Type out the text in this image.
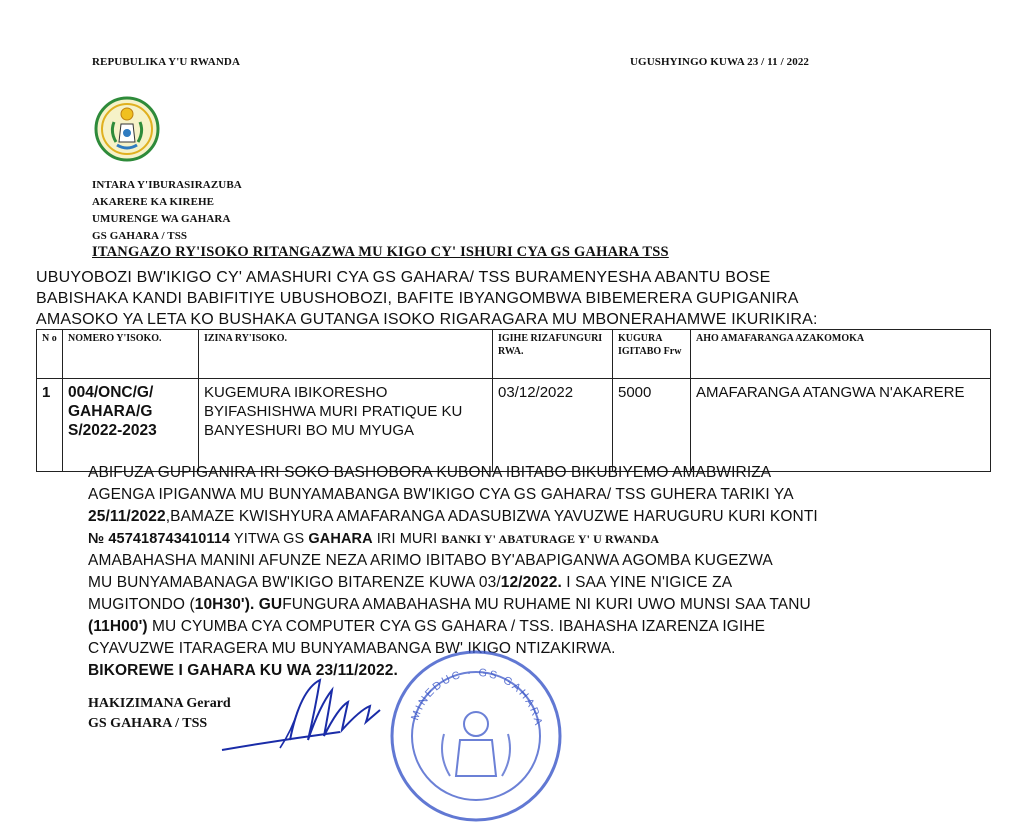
REPUBULIKA Y'U RWANDA	UGUSHYINGO KUWA 23 / 11 / 2022
INTARA Y'IBURASIRAZUBA
AKARERE KA KIREHE
UMURENGE WA GAHARA
GS GAHARA / TSS
ITANGAZO RY'ISOKO RITANGAZWA MU KIGO CY' ISHURI CYA GS GAHARA TSS
UBUYOBOZI BW'IKIGO CY' AMASHURI CYA GS GAHARA/ TSS BURAMENYESHA ABANTU BOSE
BABISHAKA KANDI BABIFITIYE UBUSHOBOZI, BAFITE IBYANGOMBWA BIBEMERERA GUPIGANIRA
AMASOKO YA LETA KO BUSHAKA GUTANGA ISOKO RIGARAGARA MU MBONERAHAMWE IKURIKIRA:
N o	NOMERO Y'ISOKO.	IZINA RY'ISOKO.	IGIHE RIZAFUNGURI RWA.	KUGURA IGITABO Frw	AHO AMAFARANGA AZAKOMOKA
1	004/ONC/G/ GAHARA/G S/2022-2023	KUGEMURA IBIKORESHO BYIFASHISHWA MURI PRATIQUE KU BANYESHURI BO MU MYUGA	03/12/2022	5000	AMAFARANGA ATANGWA N'AKARERE
ABIFUZA GUPIGANIRA IRI SOKO BASHOBORA KUBONA IBITABO BIKUBIYEMO AMABWIRIZA
AGENGA IPIGANWA MU BUNYAMABANGA BW'IKIGO CYA GS GAHARA/ TSS GUHERA TARIKI YA
25/11/2022,BAMAZE KWISHYURA AMAFARANGA ADASUBIZWA YAVUZWE HARUGURU KURI KONTI
№ 457418743410114 YITWA GS GAHARA IRI MURI BANKI Y' ABATURAGE Y' U RWANDA
AMABAHASHA MANINI AFUNZE NEZA ARIMO IBITABO BY'ABAPIGANWA AGOMBA KUGEZWA
MU BUNYAMABANAGA BW'IKIGO BITARENZE KUWA 03/12/2022. I SAA YINE N'IGICE ZA
MUGITONDO (10H30'). GUFUNGURA AMABAHASHA MU RUHAME NI KURI UWO MUNSI SAA TANU
(11H00') MU CYUMBA CYA COMPUTER CYA GS GAHARA / TSS. IBAHASHA IZARENZA IGIHE
CYAVUZWE ITARAGERA MU BUNYAMABANGA BW' IKIGO NTIZAKIRWA.
BIKOREWE I GAHARA KU WA 23/11/2022.
HAKIZIMANA Gerard
GS GAHARA / TSS
MINEDUC · GS GAHARA
